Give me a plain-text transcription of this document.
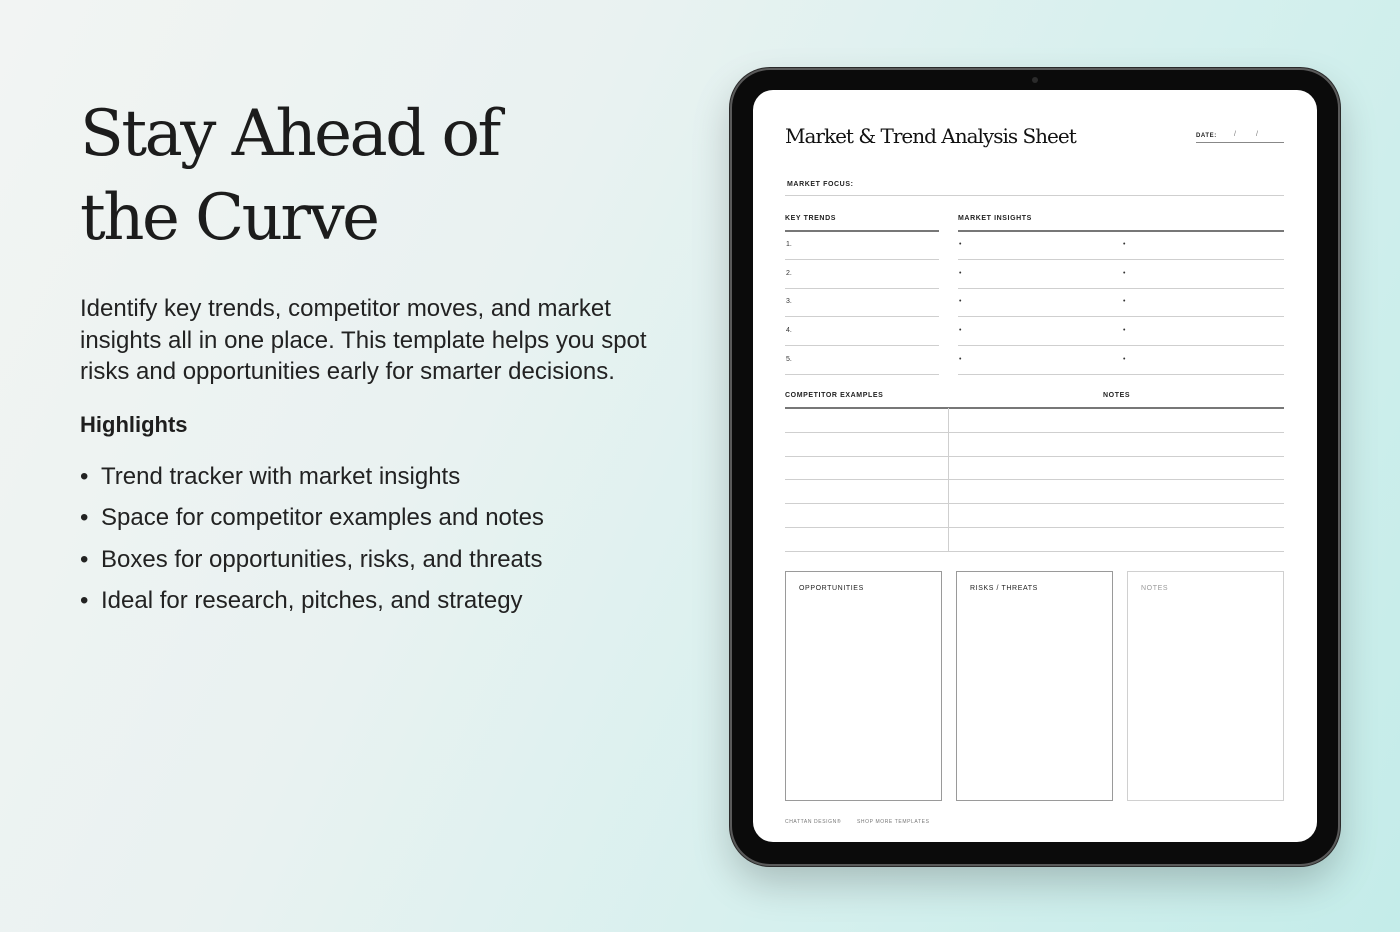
Stay Ahead of
the Curve
Identify key trends, competitor moves, and market insights all in one place. This template helps you spot risks and opportunities early for smarter decisions.
Highlights
• Trend tracker with market insights
• Space for competitor examples and notes
• Boxes for opportunities, risks, and threats
• Ideal for research, pitches, and strategy
Market & Trend Analysis Sheet	DATE: /	/
MARKET FOCUS:
KEY TRENDS	MARKET INSIGHTS
1.	•	•
2.	•	•
3.	•	•
4.	•	•
5.	•	•
COMPETITOR EXAMPLES	NOTES
OPPORTUNITIES	RISKS / THREATS	NOTES
CHATTAN DESIGN®	SHOP MORE TEMPLATES
